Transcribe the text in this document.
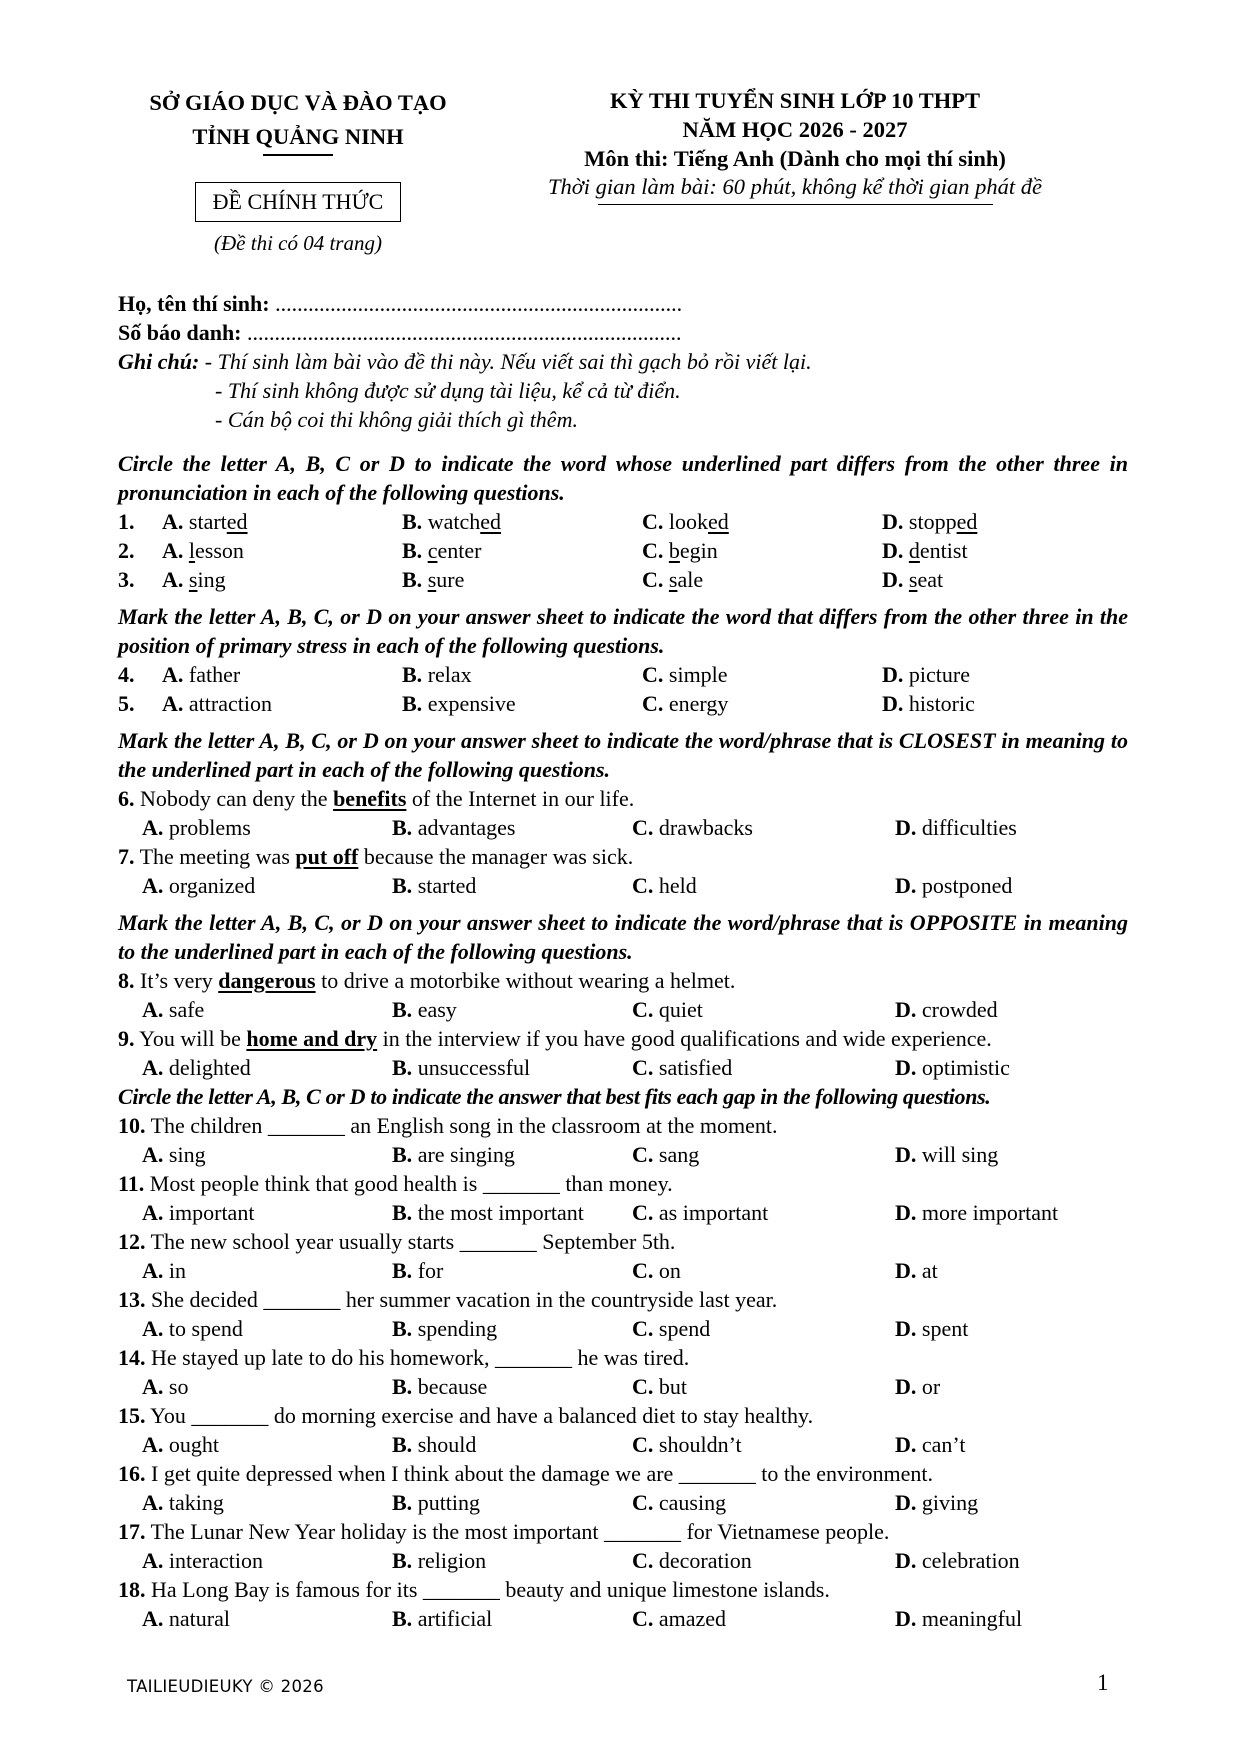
SỞ GIÁO DỤC VÀ ĐÀO TẠO
TỈNH QUẢNG NINH
ĐỀ CHÍNH THỨC
(Đề thi có 04 trang)
KỲ THI TUYỂN SINH LỚP 10 THPT
NĂM HỌC 2026 - 2027
Môn thi: Tiếng Anh (Dành cho mọi thí sinh)
Thời gian làm bài: 60 phút, không kể thời gian phát đề
Họ, tên thí sinh: ..........................................................................
Số báo danh: ...............................................................................
Ghi chú: - Thí sinh làm bài vào đề thi này. Nếu viết sai thì gạch bỏ rồi viết lại.
- Thí sinh không được sử dụng tài liệu, kể cả từ điển.
- Cán bộ coi thi không giải thích gì thêm.
Circle the letter A, B, C or D to indicate the word whose underlined part differs from the other three in pronunciation in each of the following questions.
1.	A. started	B. watched	C. looked	D. stopped
2.	A. lesson	B. center	C. begin	D. dentist
3.	A. sing	B. sure	C. sale	D. seat
Mark the letter A, B, C, or D on your answer sheet to indicate the word that differs from the other three in the position of primary stress in each of the following questions.
4.	A. father	B. relax	C. simple	D. picture
5.	A. attraction	B. expensive	C. energy	D. historic
Mark the letter A, B, C, or D on your answer sheet to indicate the word/phrase that is CLOSEST in meaning to the underlined part in each of the following questions.
6. Nobody can deny the benefits of the Internet in our life.
A. problems	B. advantages	C. drawbacks	D. difficulties
7. The meeting was put off because the manager was sick.
A. organized	B. started	C. held	D. postponed
Mark the letter A, B, C, or D on your answer sheet to indicate the word/phrase that is OPPOSITE in meaning to the underlined part in each of the following questions.
8. It’s very dangerous to drive a motorbike without wearing a helmet.
A. safe	B. easy	C. quiet	D. crowded
9. You will be home and dry in the interview if you have good qualifications and wide experience.
A. delighted	B. unsuccessful	C. satisfied	D. optimistic
Circle the letter A, B, C or D to indicate the answer that best fits each gap in the following questions.
10. The children _______ an English song in the classroom at the moment.
A. sing	B. are singing	C. sang	D. will sing
11. Most people think that good health is _______ than money.
A. important	B. the most important	C. as important	D. more important
12. The new school year usually starts _______ September 5th.
A. in	B. for	C. on	D. at
13. She decided _______ her summer vacation in the countryside last year.
A. to spend	B. spending	C. spend	D. spent
14. He stayed up late to do his homework, _______ he was tired.
A. so	B. because	C. but	D. or
15. You _______ do morning exercise and have a balanced diet to stay healthy.
A. ought	B. should	C. shouldn’t	D. can’t
16. I get quite depressed when I think about the damage we are _______ to the environment.
A. taking	B. putting	C. causing	D. giving
17. The Lunar New Year holiday is the most important _______ for Vietnamese people.
A. interaction	B. religion	C. decoration	D. celebration
18. Ha Long Bay is famous for its _______ beauty and unique limestone islands.
A. natural	B. artificial	C. amazed	D. meaningful
TAILIEUDIEUKY © 2026	1
